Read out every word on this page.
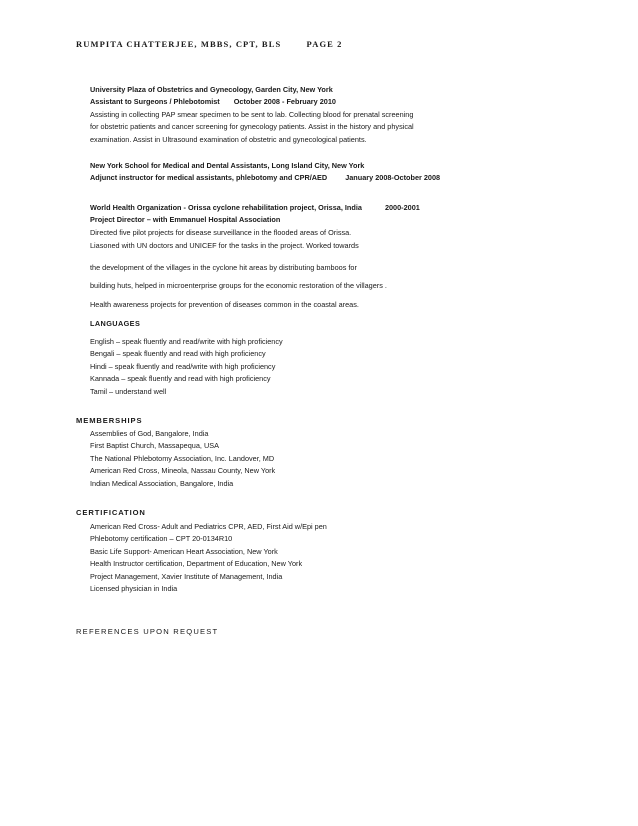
RUMPITA CHATTERJEE, MBBS, CPT, BLS	PAGE 2
University Plaza of Obstetrics and Gynecology, Garden City, New York
Assistant to Surgeons / Phlebotomist October 2008 - February 2010
Assisting in collecting PAP smear specimen to be sent to lab. Collecting blood for prenatal screening
for obstetric patients and cancer screening for gynecology patients. Assist in the history and physical
examination. Assist in Ultrasound examination of obstetric and gynecological patients.
New York School for Medical and Dental Assistants, Long Island City, New York
Adjunct instructor for medical assistants, phlebotomy and CPR/AED January 2008-October 2008
World Health Organization - Orissa cyclone rehabilitation project, Orissa, India	2000-2001
Project Director – with Emmanuel Hospital Association
Directed five pilot projects for disease surveillance in the flooded areas of Orissa.
Liasoned with UN doctors and UNICEF for the tasks in the project. Worked towards
the development of the villages in the cyclone hit areas by distributing bamboos for
building huts, helped in microenterprise groups for the economic restoration of the villagers .
Health awareness projects for prevention of diseases common in the coastal areas.
LANGUAGES
English – speak fluently and read/write with high proficiency
Bengali – speak fluently and read with high proficiency
Hindi – speak fluently and read/write with high proficiency
Kannada – speak fluently and read with high proficiency
Tamil – understand well
MEMBERSHIPS
Assemblies of God, Bangalore, India
First Baptist Church, Massapequa, USA
The National Phlebotomy Association, Inc. Landover, MD
American Red Cross, Mineola, Nassau County, New York
Indian Medical Association, Bangalore, India
CERTIFICATION
American Red Cross- Adult and Pediatrics CPR, AED, First Aid w/Epi pen
Phlebotomy certification – CPT 20-0134R10
Basic Life Support- American Heart Association, New York
Health Instructor certification, Department of Education, New York
Project Management, Xavier Institute of Management, India
Licensed physician in India
REFERENCES UPON REQUEST
